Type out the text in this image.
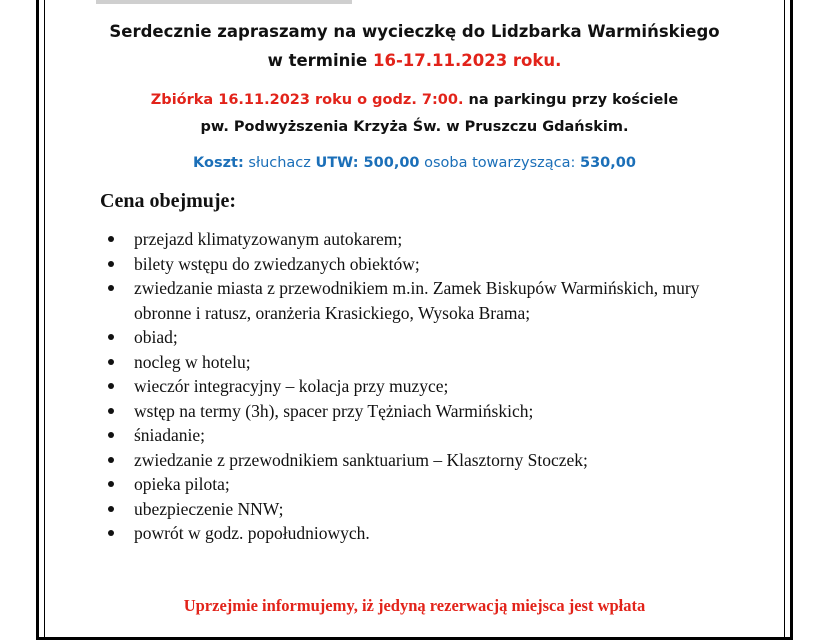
Serdecznie zapraszamy na wycieczkę do Lidzbarka Warmińskiego
w terminie 16-17.11.2023 roku.
Zbiórka 16.11.2023 roku o godz. 7:00. na parkingu przy kościele
pw. Podwyższenia Krzyża Św. w Pruszczu Gdańskim.
Koszt: słuchacz UTW: 500,00 osoba towarzysząca: 530,00
Cena obejmuje:
przejazd klimatyzowanym autokarem;
bilety wstępu do zwiedzanych obiektów;
zwiedzanie miasta z przewodnikiem m.in. Zamek Biskupów Warmińskich, mury obronne i ratusz, oranżeria Krasickiego, Wysoka Brama;
obiad;
nocleg w hotelu;
wieczór integracyjny – kolacja przy muzyce;
wstęp na termy (3h), spacer przy Tężniach Warmińskich;
śniadanie;
zwiedzanie z przewodnikiem sanktuarium – Klasztorny Stoczek;
opieka pilota;
ubezpieczenie NNW;
powrót w godz. popołudniowych.
Uprzejmie informujemy, iż jedyną rezerwacją miejsca jest wpłata
